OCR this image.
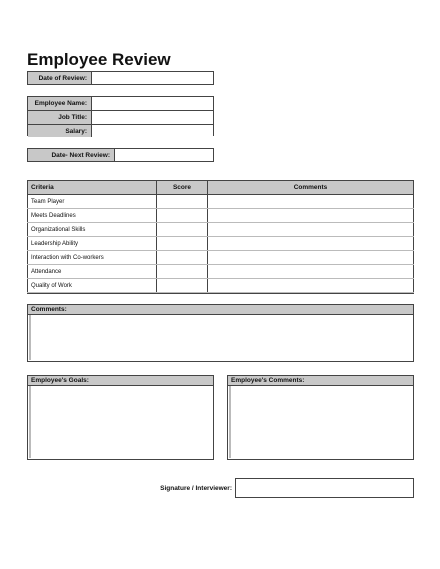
Employee Review
Date of Review:
Employee Name:
Job Title:
Salary:
Date- Next Review:
Criteria	Score	Comments
Team Player		
Meets Deadlines		
Organizational Skills		
Leadership Ability		
Interaction with Co-workers		
Attendance		
Quality of Work		
Comments:
Employee's Goals:	Employee's Comments:
Signature / Interviewer:
